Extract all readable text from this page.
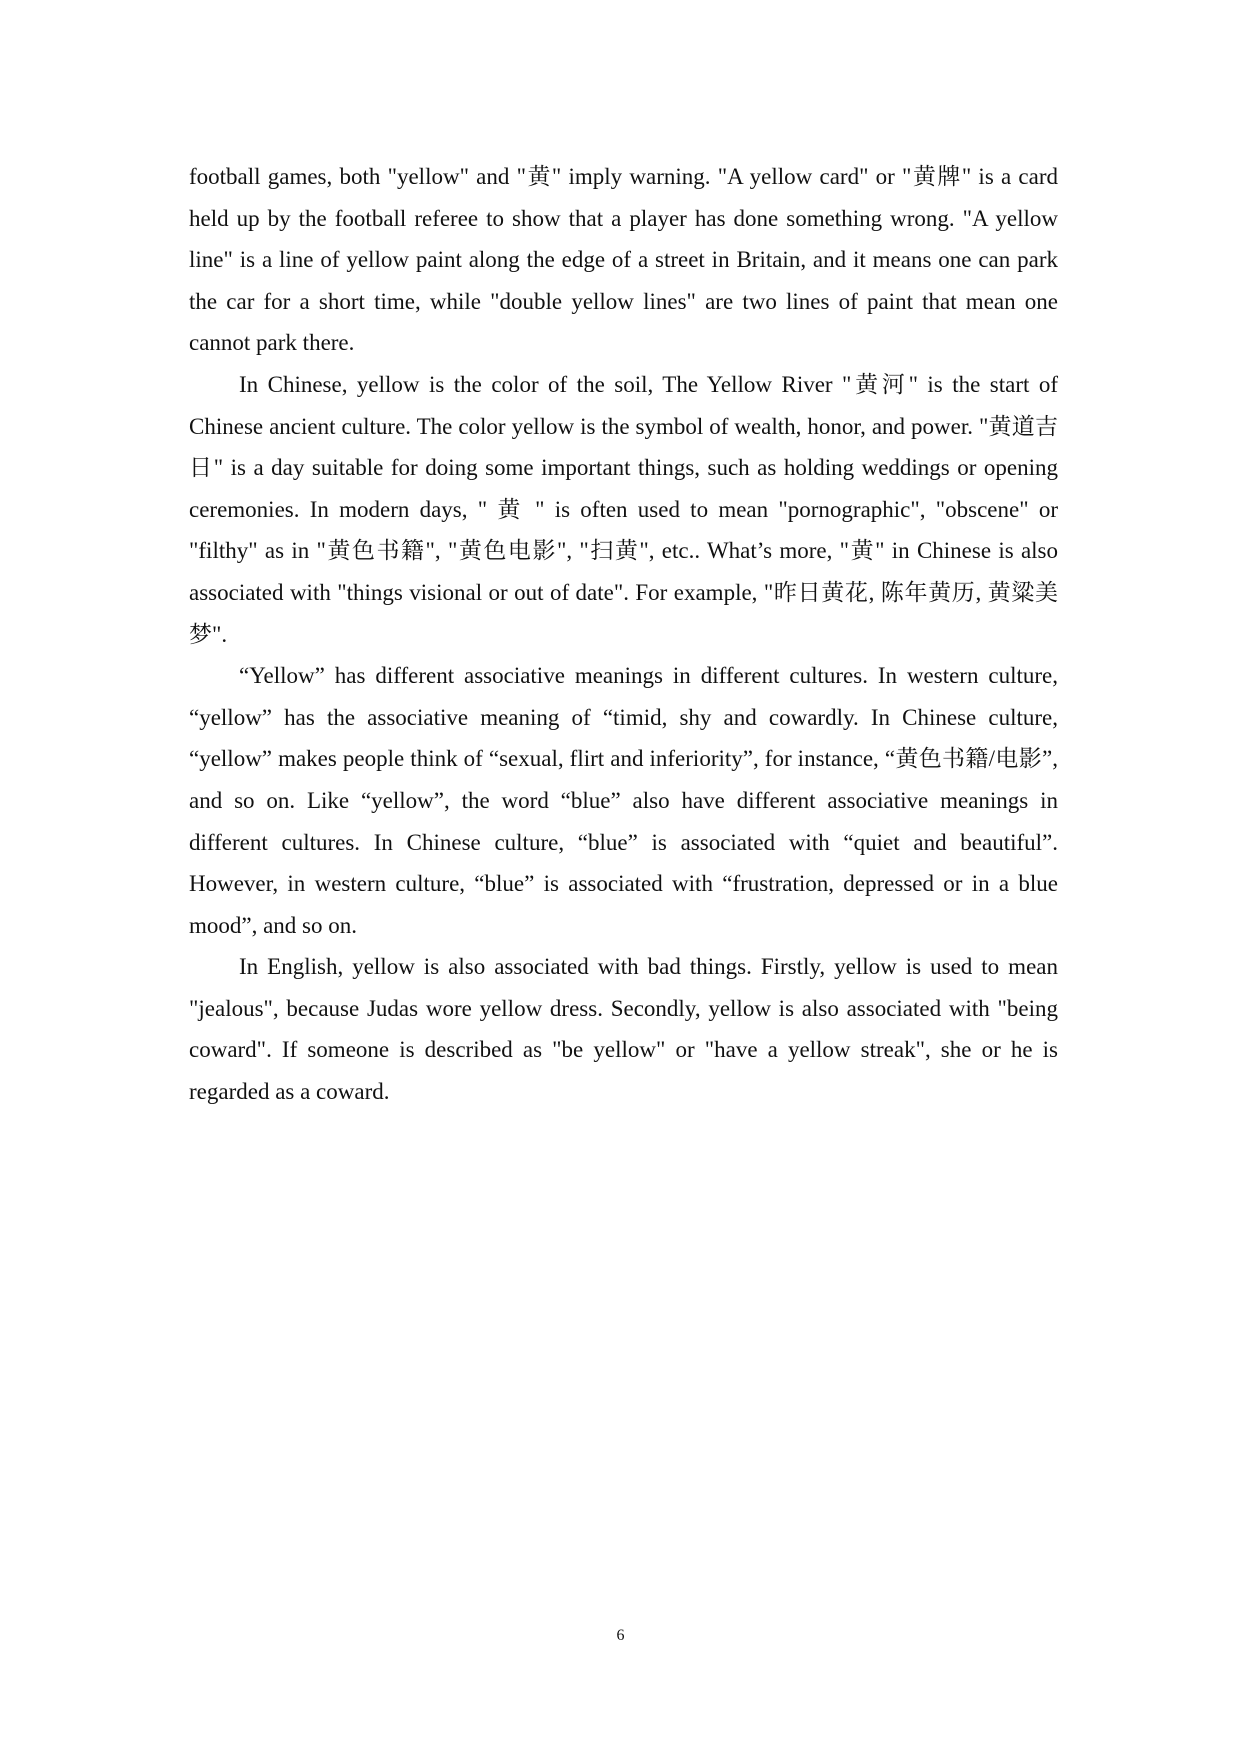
football games, both "yellow" and "黄" imply warning. "A yellow card" or "黄牌" is a card held up by the football referee to show that a player has done something wrong. "A yellow line" is a line of yellow paint along the edge of a street in Britain, and it means one can park the car for a short time, while "double yellow lines" are two lines of paint that mean one cannot park there.

In Chinese, yellow is the color of the soil, The Yellow River "黄河" is the start of Chinese ancient culture. The color yellow is the symbol of wealth, honor, and power. "黄道吉日" is a day suitable for doing some important things, such as holding weddings or opening ceremonies. In modern days, " 黄 " is often used to mean "pornographic", "obscene" or "filthy" as in "黄色书籍", "黄色电影", "扫黄", etc.. What’s more, "黄" in Chinese is also associated with "things visional or out of date". For example, "昨日黄花, 陈年黄历, 黄粱美梦".

“Yellow” has different associative meanings in different cultures. In western culture, “yellow” has the associative meaning of “timid, shy and cowardly. In Chinese culture, “yellow” makes people think of “sexual, flirt and inferiority”, for instance, “黄色书籍/电影”, and so on. Like “yellow”, the word “blue” also have different associative meanings in different cultures. In Chinese culture, “blue” is associated with “quiet and beautiful”. However, in western culture, “blue” is associated with “frustration, depressed or in a blue mood”, and so on.

In English, yellow is also associated with bad things. Firstly, yellow is used to mean "jealous", because Judas wore yellow dress. Secondly, yellow is also associated with "being coward". If someone is described as "be yellow" or "have a yellow streak", she or he is regarded as a coward.

6
